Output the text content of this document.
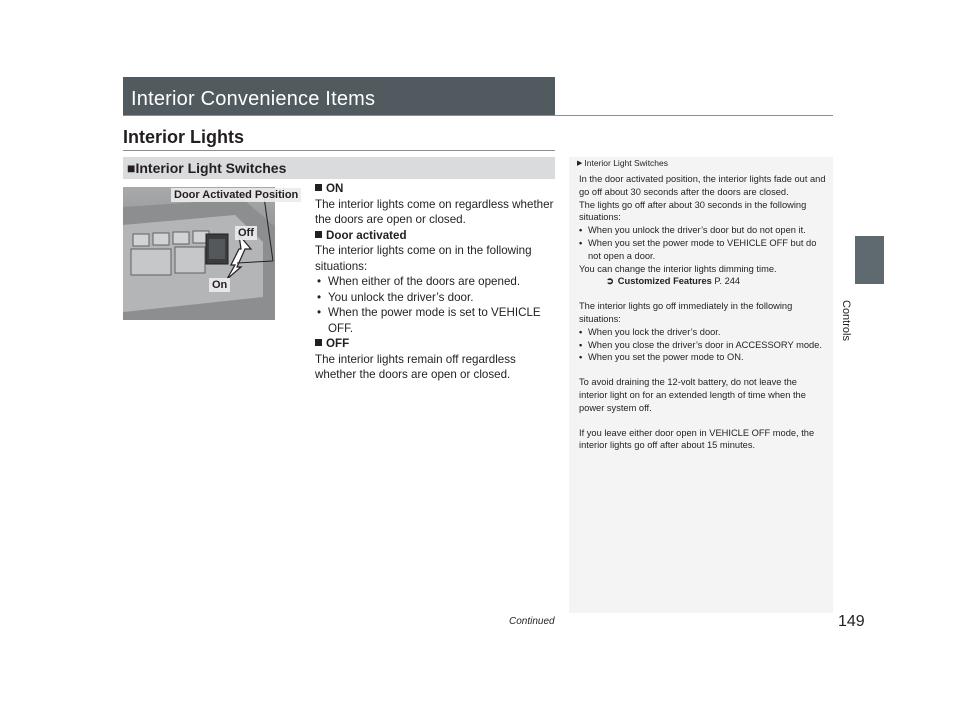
Interior Convenience Items
Controls
Interior Lights
■Interior Light Switches
Door Activated Position
Off
On
ON

The interior lights come on regardless whether the doors are open or closed.

Door activated

The interior lights come on in the following situations:

• When either of the doors are opened.

• You unlock the driver’s door.

• When the power mode is set to VEHICLE OFF.

OFF

The interior lights remain off regardless whether the doors are open or closed.

▶ Interior Light Switches

In the door activated position, the interior lights fade out and go off about 30 seconds after the doors are closed.

The lights go off after about 30 seconds in the following situations:

• When you unlock the driver’s door but do not open it.

• When you set the power mode to VEHICLE OFF but do not open a door.

You can change the interior lights dimming time.

➲ Customized Features P. 244

The interior lights go off immediately in the following situations:

• When you lock the driver’s door.

• When you close the driver’s door in ACCESSORY mode.

• When you set the power mode to ON.

To avoid draining the 12-volt battery, do not leave the interior light on for an extended length of time when the power system off.

If you leave either door open in VEHICLE OFF mode, the interior lights go off after about 15 minutes.

Continued	149
